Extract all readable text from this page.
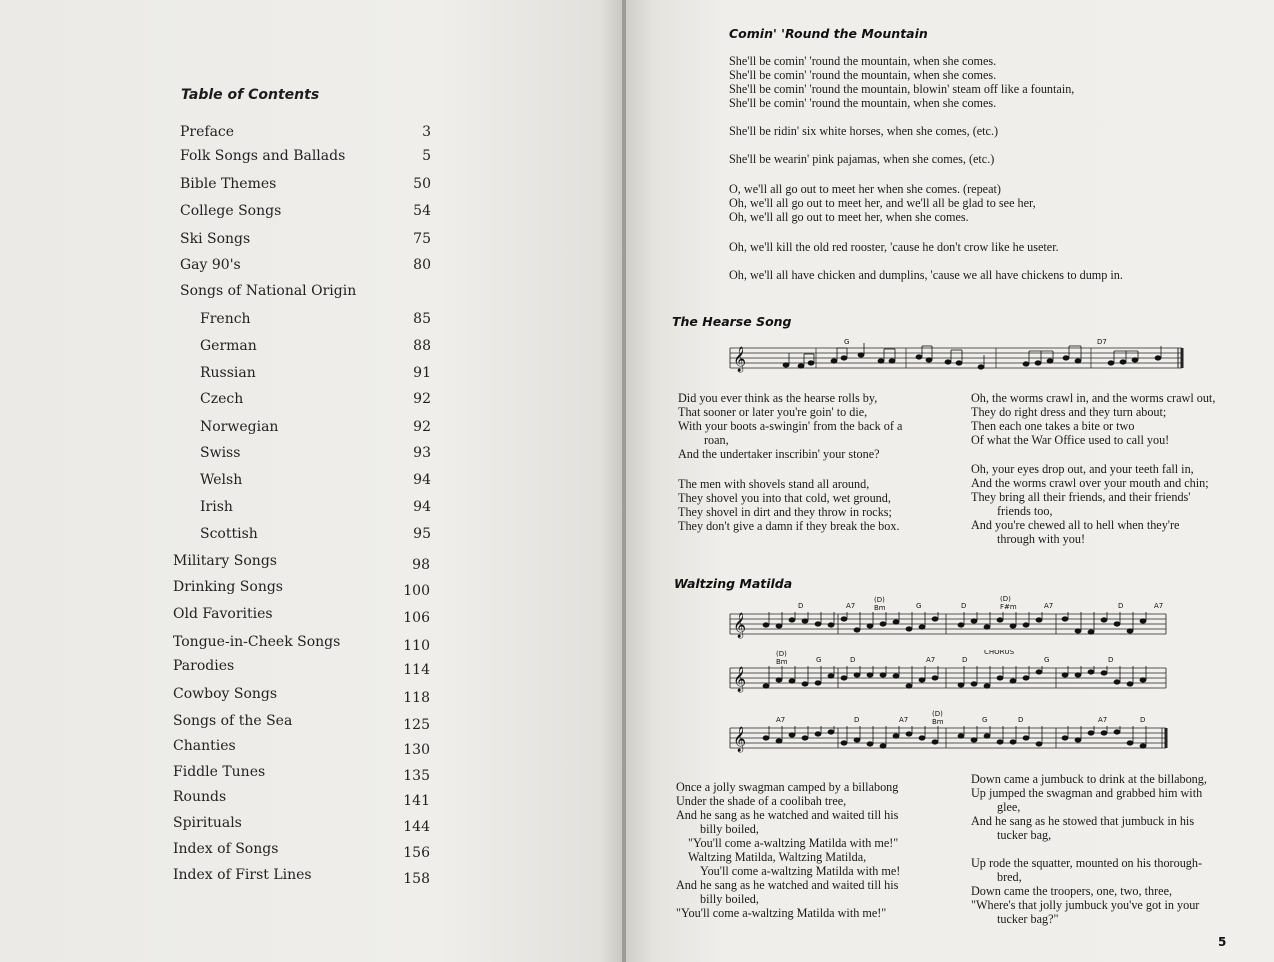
Table of Contents
Preface	3
Folk Songs and Ballads	5
Bible Themes	50
College Songs	54
Ski Songs	75
Gay 90's	80
Songs of National Origin
French	85
German	88
Russian	91
Czech	92
Norwegian	92
Swiss	93
Welsh	94
Irish	94
Scottish	95
Military Songs	98
Drinking Songs	100
Old Favorities	106
Tongue-in-Cheek Songs	110
Parodies	114
Cowboy Songs	118
Songs of the Sea	125
Chanties	130
Fiddle Tunes	135
Rounds	141
Spirituals	144
Index of Songs	156
Index of First Lines	158
Comin' 'Round the Mountain
She'll be comin' 'round the mountain, when she comes.
She'll be comin' 'round the mountain, when she comes.
She'll be comin' 'round the mountain, blowin' steam off like a fountain,
She'll be comin' 'round the mountain, when she comes.
She'll be ridin' six white horses, when she comes, (etc.)
She'll be wearin' pink pajamas, when she comes, (etc.)
O, we'll all go out to meet her when she comes. (repeat)
Oh, we'll all go out to meet her, and we'll all be glad to see her,
Oh, we'll all go out to meet her, when she comes.
Oh, we'll kill the old red rooster, 'cause he don't crow like he useter.
Oh, we'll all have chicken and dumplins, 'cause we all have chickens to dump in.
The Hearse Song
𝄞
G	D7
Did you ever think as the hearse rolls by,
That sooner or later you're goin' to die,
With your boots a-swingin' from the back of a
roan,
And the undertaker inscribin' your stone?
The men with shovels stand all around,
They shovel you into that cold, wet ground,
They shovel in dirt and they throw in rocks;
They don't give a damn if they break the box.
Oh, the worms crawl in, and the worms crawl out,
They do right dress and they turn about;
Then each one takes a bite or two
Of what the War Office used to call you!
Oh, your eyes drop out, and your teeth fall in,
And the worms crawl over your mouth and chin;
They bring all their friends, and their friends'
friends too,
And you're chewed all to hell when they're
through with you!
Waltzing Matilda
𝄞
D	A7
(D)
Bm	G	D
(D)
F#m	A7	D	A7
𝄞
(D)
Bm	G	D	A7	D
CHORUS
G	D
𝄞
A7	D	A7
(D)
Bm	G	D	A7	D
Once a jolly swagman camped by a billabong
Under the shade of a coolibah tree,
And he sang as he watched and waited till his
billy boiled,
"You'll come a-waltzing Matilda with me!"
Waltzing Matilda, Waltzing Matilda,
You'll come a-waltzing Matilda with me!
And he sang as he watched and waited till his
billy boiled,
"You'll come a-waltzing Matilda with me!"
Down came a jumbuck to drink at the billabong,
Up jumped the swagman and grabbed him with
glee,
And he sang as he stowed that jumbuck in his
tucker bag,
Up rode the squatter, mounted on his thorough-
bred,
Down came the troopers, one, two, three,
"Where's that jolly jumbuck you've got in your
tucker bag?"
5
